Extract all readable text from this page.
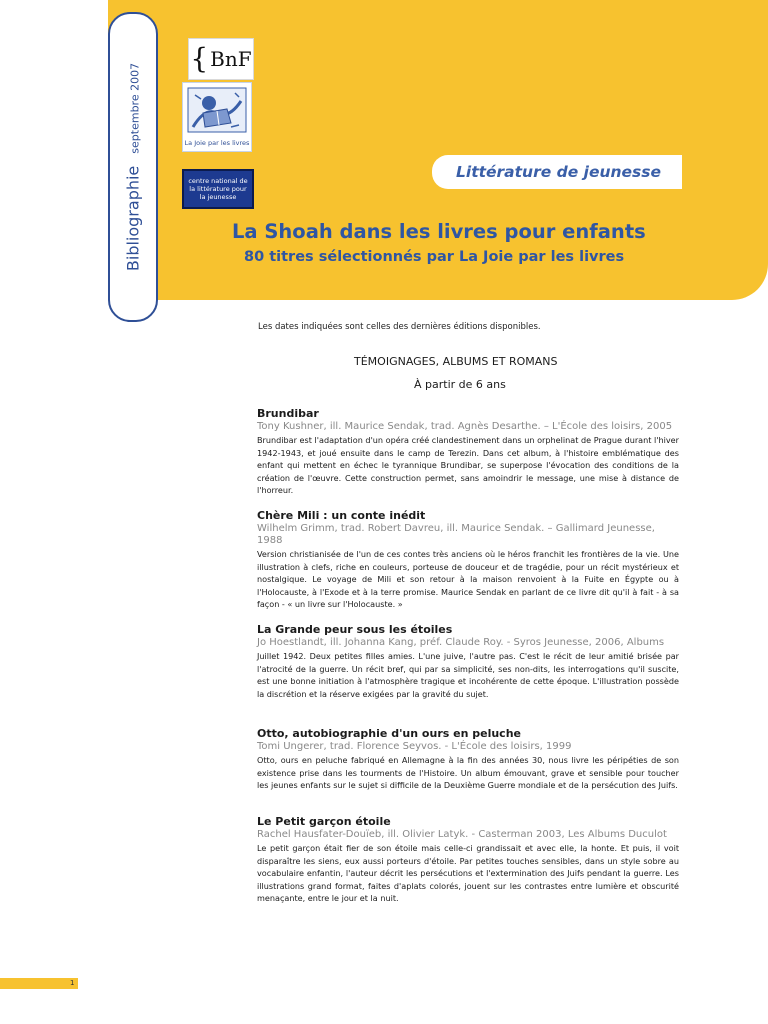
Bibliographie
septembre 2007
{ BnF
La Joie par les livres
centre national de la littérature pour la jeunesse
Littérature de jeunesse
La Shoah dans les livres pour enfants
80 titres sélectionnés par La Joie par les livres
Les dates indiquées sont celles des dernières éditions disponibles.
TÉMOIGNAGES, ALBUMS ET ROMANS
À partir de 6 ans
Brundibar
Tony Kushner, ill. Maurice Sendak, trad. Agnès Desarthe. – L'École des loisirs, 2005
Brundibar est l'adaptation d'un opéra créé clandestinement dans un orphelinat de Prague durant l'hiver 1942-1943, et joué ensuite dans le camp de Terezin. Dans cet album, à l'histoire emblématique des enfant qui mettent en échec le tyrannique Brundibar, se superpose l'évocation des conditions de la création de l'œuvre. Cette construction permet, sans amoindrir le message, une mise à distance de l'horreur.
Chère Mili : un conte inédit
Wilhelm Grimm, trad. Robert Davreu, ill. Maurice Sendak. – Gallimard Jeunesse, 1988
Version christianisée de l'un de ces contes très anciens où le héros franchit les frontières de la vie. Une illustration à clefs, riche en couleurs, porteuse de douceur et de tragédie, pour un récit mystérieux et nostalgique. Le voyage de Mili et son retour à la maison renvoient à la Fuite en Égypte ou à l'Holocauste, à l'Exode et à la terre promise. Maurice Sendak en parlant de ce livre dit qu'il à fait - à sa façon - « un livre sur l'Holocauste. »
La Grande peur sous les étoiles
Jo Hoestlandt, ill. Johanna Kang, préf. Claude Roy. - Syros Jeunesse, 2006, Albums
Juillet 1942. Deux petites filles amies. L'une juive, l'autre pas. C'est le récit de leur amitié brisée par l'atrocité de la guerre. Un récit bref, qui par sa simplicité, ses non-dits, les interrogations qu'il suscite, est une bonne initiation à l'atmosphère tragique et incohérente de cette époque. L'illustration possède la discrétion et la réserve exigées par la gravité du sujet.
Otto, autobiographie d'un ours en peluche
Tomi Ungerer, trad. Florence Seyvos. - L'École des loisirs, 1999
Otto, ours en peluche fabriqué en Allemagne à la fin des années 30, nous livre les péripéties de son existence prise dans les tourments de l'Histoire. Un album émouvant, grave et sensible pour toucher les jeunes enfants sur le sujet si difficile de la Deuxième Guerre mondiale et de la persécution des Juifs.
Le Petit garçon étoile
Rachel Hausfater-Douïeb, ill. Olivier Latyk. - Casterman 2003, Les Albums Duculot
Le petit garçon était fier de son étoile mais celle-ci grandissait et avec elle, la honte. Et puis, il voit disparaître les siens, eux aussi porteurs d'étoile. Par petites touches sensibles, dans un style sobre au vocabulaire enfantin, l'auteur décrit les persécutions et l'extermination des Juifs pendant la guerre. Les illustrations grand format, faites d'aplats colorés, jouent sur les contrastes entre lumière et obscurité menaçante, entre le jour et la nuit.
1
